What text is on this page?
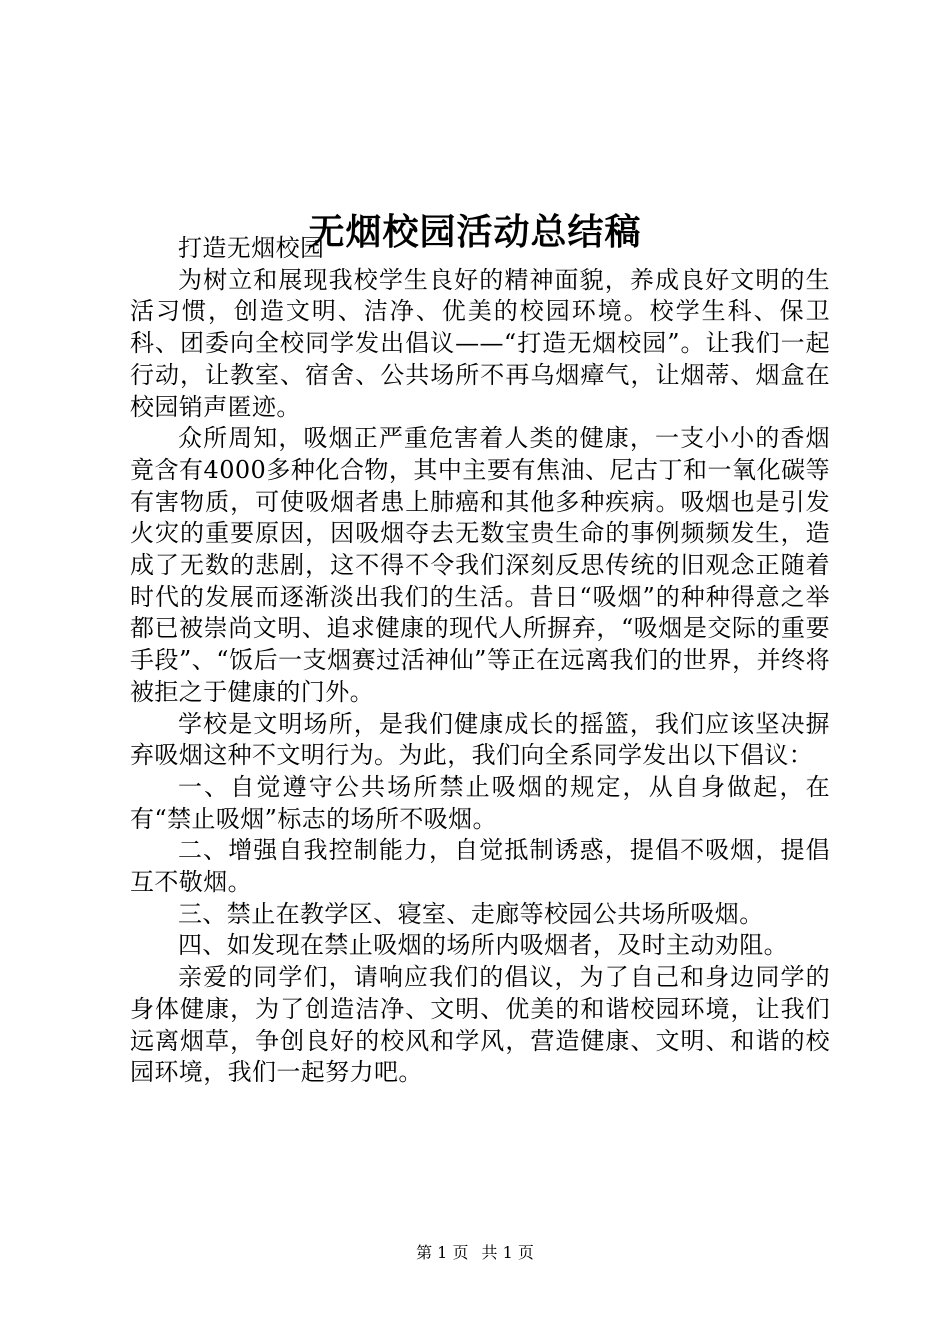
无烟校园活动总结稿

打造无烟校园

为树立和展现我校学生良好的精神面貌，养成良好文明的生活习惯，创造文明、洁净、优美的校园环境。校学生科、保卫科、团委向全校同学发出倡议——“打造无烟校园”。让我们一起行动，让教室、宿舍、公共场所不再乌烟瘴气，让烟蒂、烟盒在校园销声匿迹。

众所周知，吸烟正严重危害着人类的健康，一支小小的香烟竟含有4000多种化合物，其中主要有焦油、尼古丁和一氧化碳等有害物质，可使吸烟者患上肺癌和其他多种疾病。吸烟也是引发火灾的重要原因，因吸烟夺去无数宝贵生命的事例频频发生，造成了无数的悲剧，这不得不令我们深刻反思传统的旧观念正随着时代的发展而逐渐淡出我们的生活。昔日“吸烟”的种种得意之举都已被崇尚文明、追求健康的现代人所摒弃，“吸烟是交际的重要手段”、“饭后一支烟赛过活神仙”等正在远离我们的世界，并终将被拒之于健康的门外。

学校是文明场所，是我们健康成长的摇篮，我们应该坚决摒弃吸烟这种不文明行为。为此，我们向全系同学发出以下倡议：

一、自觉遵守公共场所禁止吸烟的规定，从自身做起，在有“禁止吸烟”标志的场所不吸烟。

二、增强自我控制能力，自觉抵制诱惑，提倡不吸烟，提倡互不敬烟。

三、禁止在教学区、寝室、走廊等校园公共场所吸烟。

四、如发现在禁止吸烟的场所内吸烟者，及时主动劝阻。

亲爱的同学们，请响应我们的倡议，为了自己和身边同学的身体健康，为了创造洁净、文明、优美的和谐校园环境，让我们远离烟草，争创良好的校风和学风，营造健康、文明、和谐的校园环境，我们一起努力吧。

第 1 页 共 1 页
